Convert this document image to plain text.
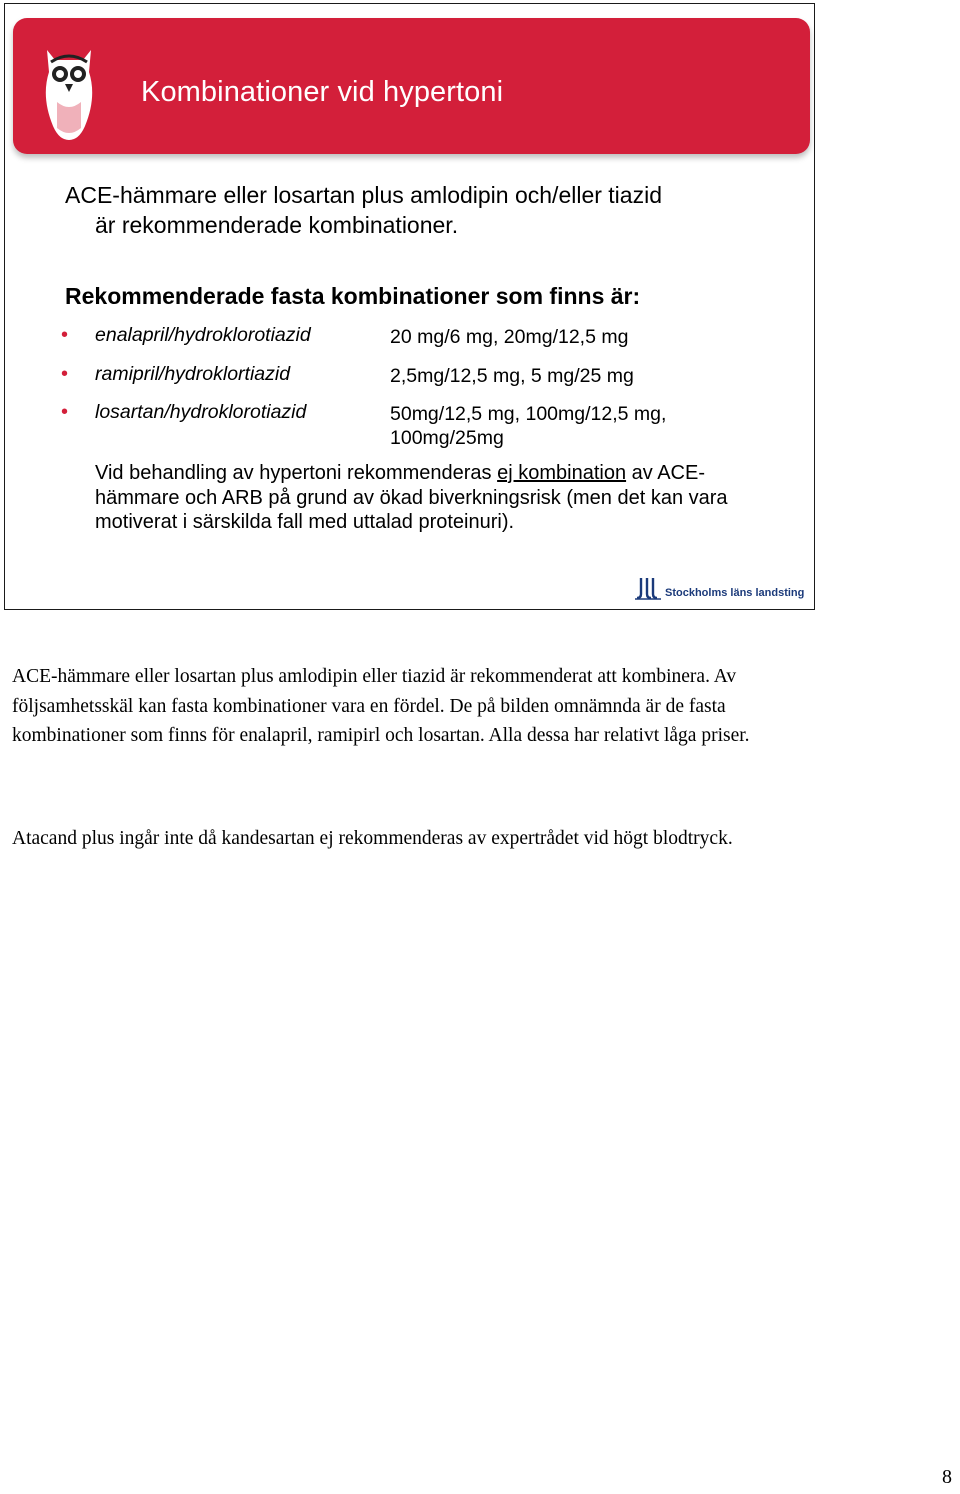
Kombinationer vid hypertoni
ACE-hämmare eller losartan plus amlodipin och/eller tiazid
är rekommenderade kombinationer.
Rekommenderade fasta kombinationer som finns är:
• enalapril/hydroklorotiazid	20 mg/6 mg, 20mg/12,5 mg

• ramipril/hydroklortiazid	2,5mg/12,5 mg, 5 mg/25 mg

• losartan/hydroklorotiazid	50mg/12,5 mg, 100mg/12,5 mg,
100mg/25mg
Vid behandling av hypertoni rekommenderas ej kombination av ACE-hämmare och ARB på grund av ökad biverkningsrisk (men det kan vara motiverat i särskilda fall med uttalad proteinuri).
Stockholms läns landsting
ACE-hämmare eller losartan plus amlodipin eller tiazid är rekommenderat att kombinera. Av följsamhetsskäl kan fasta kombinationer vara en fördel. De på bilden omnämnda är de fasta kombinationer som finns för enalapril, ramipirl och losartan. Alla dessa har relativt låga priser.
Atacand plus ingår inte då kandesartan ej rekommenderas av expertrådet vid högt blodtryck.
8
